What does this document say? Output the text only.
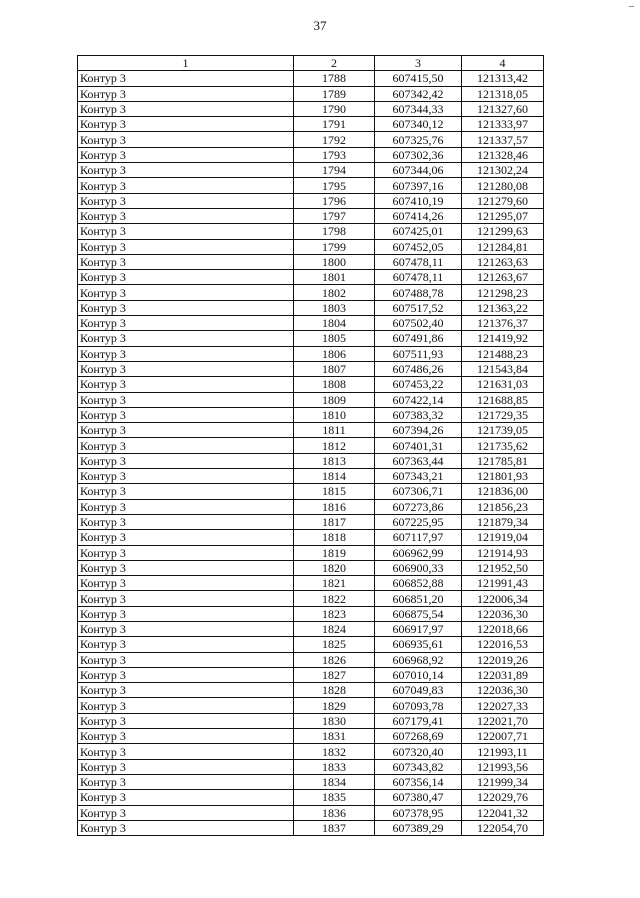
37
–
1	2	3	4
Контур 3	1788	607415,50	121313,42
Контур 3	1789	607342,42	121318,05
Контур 3	1790	607344,33	121327,60
Контур 3	1791	607340,12	121333,97
Контур 3	1792	607325,76	121337,57
Контур 3	1793	607302,36	121328,46
Контур 3	1794	607344,06	121302,24
Контур 3	1795	607397,16	121280,08
Контур 3	1796	607410,19	121279,60
Контур 3	1797	607414,26	121295,07
Контур 3	1798	607425,01	121299,63
Контур 3	1799	607452,05	121284,81
Контур 3	1800	607478,11	121263,63
Контур 3	1801	607478,11	121263,67
Контур 3	1802	607488,78	121298,23
Контур 3	1803	607517,52	121363,22
Контур 3	1804	607502,40	121376,37
Контур 3	1805	607491,86	121419,92
Контур 3	1806	607511,93	121488,23
Контур 3	1807	607486,26	121543,84
Контур 3	1808	607453,22	121631,03
Контур 3	1809	607422,14	121688,85
Контур 3	1810	607383,32	121729,35
Контур 3	1811	607394,26	121739,05
Контур 3	1812	607401,31	121735,62
Контур 3	1813	607363,44	121785,81
Контур 3	1814	607343,21	121801,93
Контур 3	1815	607306,71	121836,00
Контур 3	1816	607273,86	121856,23
Контур 3	1817	607225,95	121879,34
Контур 3	1818	607117,97	121919,04
Контур 3	1819	606962,99	121914,93
Контур 3	1820	606900,33	121952,50
Контур 3	1821	606852,88	121991,43
Контур 3	1822	606851,20	122006,34
Контур 3	1823	606875,54	122036,30
Контур 3	1824	606917,97	122018,66
Контур 3	1825	606935,61	122016,53
Контур 3	1826	606968,92	122019,26
Контур 3	1827	607010,14	122031,89
Контур 3	1828	607049,83	122036,30
Контур 3	1829	607093,78	122027,33
Контур 3	1830	607179,41	122021,70
Контур 3	1831	607268,69	122007,71
Контур 3	1832	607320,40	121993,11
Контур 3	1833	607343,82	121993,56
Контур 3	1834	607356,14	121999,34
Контур 3	1835	607380,47	122029,76
Контур 3	1836	607378,95	122041,32
Контур 3	1837	607389,29	122054,70
